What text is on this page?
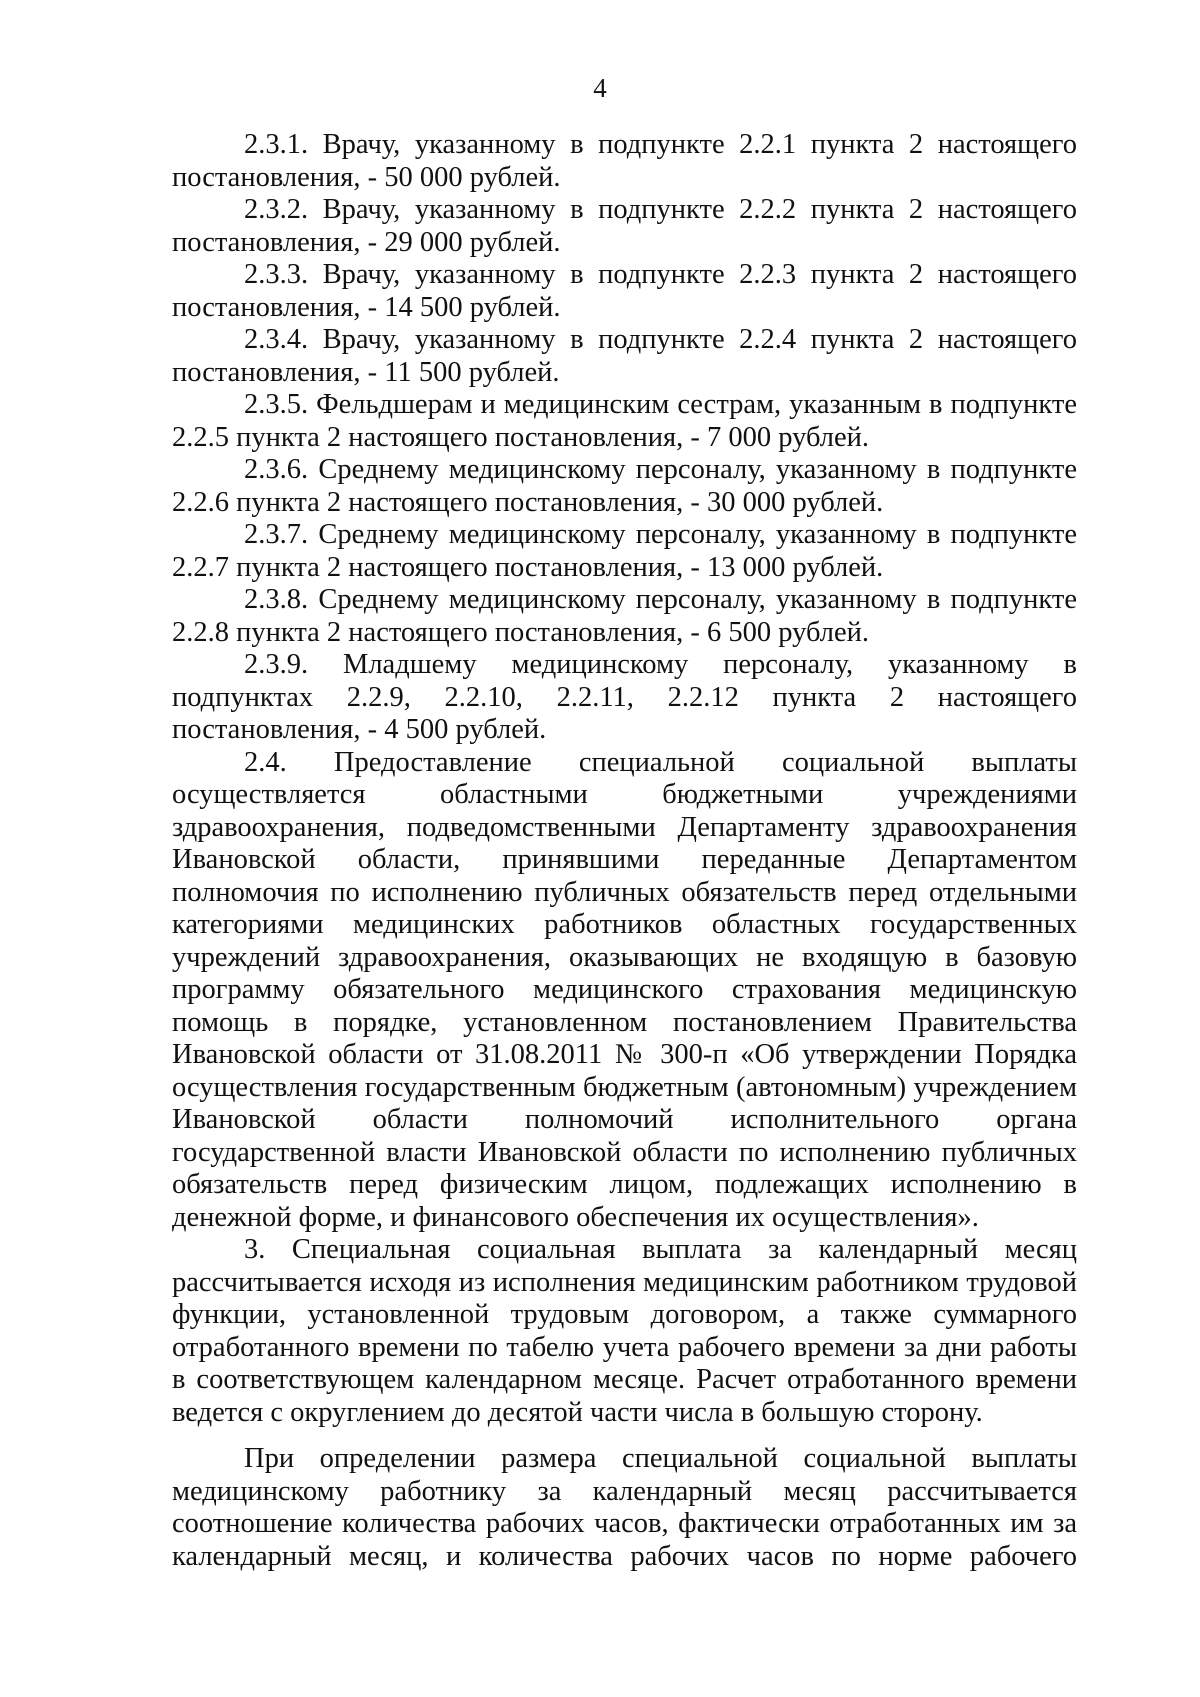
4
2.3.1. Врачу, указанному в подпункте 2.2.1 пункта 2 настоящего
постановления, - 50 000 рублей.
2.3.2. Врачу, указанному в подпункте 2.2.2 пункта 2 настоящего
постановления, - 29 000 рублей.
2.3.3. Врачу, указанному в подпункте 2.2.3 пункта 2 настоящего
постановления, - 14 500 рублей.
2.3.4. Врачу, указанному в подпункте 2.2.4 пункта 2 настоящего
постановления, - 11 500 рублей.
2.3.5. Фельдшерам и медицинским сестрам, указанным в подпункте
2.2.5 пункта 2 настоящего постановления, - 7 000 рублей.
2.3.6. Среднему медицинскому персоналу, указанному в подпункте
2.2.6 пункта 2 настоящего постановления, - 30 000 рублей.
2.3.7. Среднему медицинскому персоналу, указанному в подпункте
2.2.7 пункта 2 настоящего постановления, - 13 000 рублей.
2.3.8. Среднему медицинскому персоналу, указанному в подпункте
2.2.8 пункта 2 настоящего постановления, - 6 500 рублей.
2.3.9. Младшему медицинскому персоналу, указанному в
подпунктах 2.2.9, 2.2.10, 2.2.11, 2.2.12 пункта 2 настоящего
постановления, - 4 500 рублей.
2.4. Предоставление специальной социальной выплаты
осуществляется областными бюджетными учреждениями
здравоохранения, подведомственными Департаменту здравоохранения
Ивановской области, принявшими переданные Департаментом
полномочия по исполнению публичных обязательств перед отдельными
категориями медицинских работников областных государственных
учреждений здравоохранения, оказывающих не входящую в базовую
программу обязательного медицинского страхования медицинскую
помощь в порядке, установленном постановлением Правительства
Ивановской области от 31.08.2011 № 300-п «Об утверждении Порядка
осуществления государственным бюджетным (автономным) учреждением
Ивановской области полномочий исполнительного органа
государственной власти Ивановской области по исполнению публичных
обязательств перед физическим лицом, подлежащих исполнению в
денежной форме, и финансового обеспечения их осуществления».
3. Специальная социальная выплата за календарный месяц
рассчитывается исходя из исполнения медицинским работником трудовой
функции, установленной трудовым договором, а также суммарного
отработанного времени по табелю учета рабочего времени за дни работы
в соответствующем календарном месяце. Расчет отработанного времени
ведется с округлением до десятой части числа в большую сторону.
При определении размера специальной социальной выплаты
медицинскому работнику за календарный месяц рассчитывается
соотношение количества рабочих часов, фактически отработанных им за
календарный месяц, и количества рабочих часов по норме рабочего
